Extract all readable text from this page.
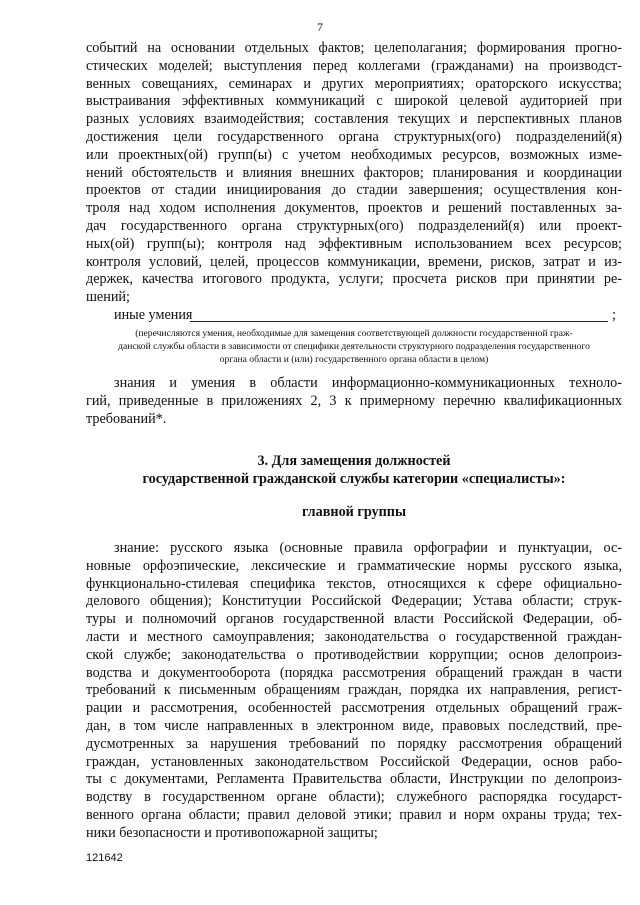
7
событий на основании отдельных фактов; целеполагания; формирования прогно-
стических моделей; выступления перед коллегами (гражданами) на производст-
венных совещаниях, семинарах и других мероприятиях; ораторского искусства;
выстраивания эффективных коммуникаций с широкой целевой аудиторией при
разных условиях взаимодействия; составления текущих и перспективных планов
достижения цели государственного органа структурных(ого) подразделений(я)
или проектных(ой) групп(ы) с учетом необходимых ресурсов, возможных изме-
нений обстоятельств и влияния внешних факторов; планирования и координации
проектов от стадии инициирования до стадии завершения; осуществления кон-
троля над ходом исполнения документов, проектов и решений поставленных за-
дач государственного органа структурных(ого) подразделений(я) или проект-
ных(ой) групп(ы); контроля над эффективным использованием всех ресурсов;
контроля условий, целей, процессов коммуникации, времени, рисков, затрат и из-
держек, качества итогового продукта, услуги; просчета рисков при принятии ре-
шений;
иные умения	;
(перечисляются умения, необходимые для замещения соответствующей должности государственной граж-
данской службы области в зависимости от специфики деятельности структурного подразделения государственного
органа области и (или) государственного органа области в целом)
знания и умения в области информационно-коммуникационных техноло-
гий, приведенные в приложениях 2, 3 к примерному перечню квалификационных
требований*.
3. Для замещения должностей
государственной гражданской службы категории «специалисты»:
главной группы
знание: русского языка (основные правила орфографии и пунктуации, ос-
новные орфоэпические, лексические и грамматические нормы русского языка,
функционально-стилевая специфика текстов, относящихся к сфере официально-
делового общения); Конституции Российской Федерации; Устава области; струк-
туры и полномочий органов государственной власти Российской Федерации, об-
ласти и местного самоуправления; законодательства о государственной граждан-
ской службе; законодательства о противодействии коррупции; основ делопроиз-
водства и документооборота (порядка рассмотрения обращений граждан в части
требований к письменным обращениям граждан, порядка их направления, регист-
рации и рассмотрения, особенностей рассмотрения отдельных обращений граж-
дан, в том числе направленных в электронном виде, правовых последствий, пре-
дусмотренных за нарушения требований по порядку рассмотрения обращений
граждан, установленных законодательством Российской Федерации, основ рабо-
ты с документами, Регламента Правительства области, Инструкции по делопроиз-
водству в государственном органе области); служебного распорядка государст-
венного органа области; правил деловой этики; правил и норм охраны труда; тех-
ники безопасности и противопожарной защиты;
121642
